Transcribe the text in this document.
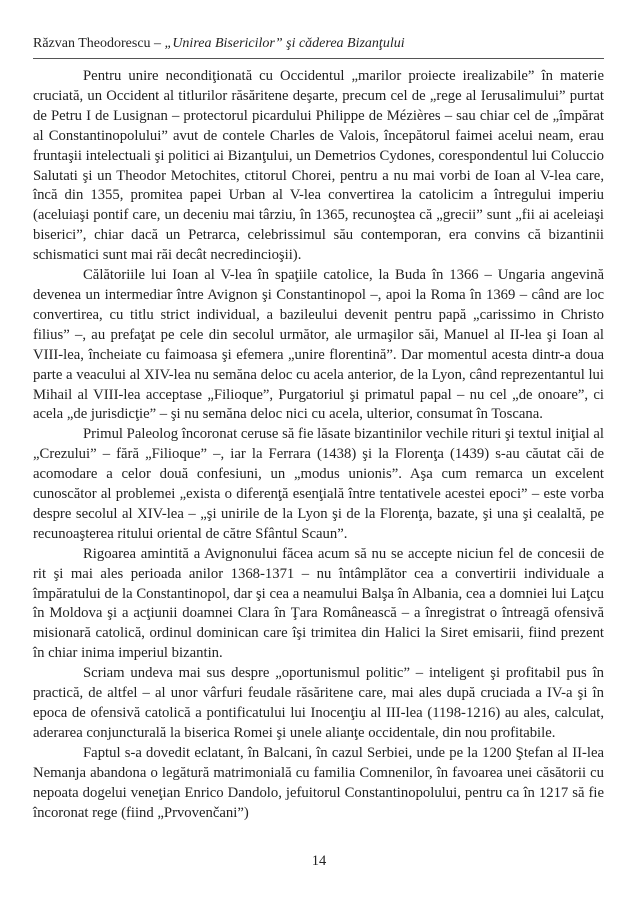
Răzvan Theodorescu – „Unirea Bisericilor” şi căderea Bizanţului

Pentru unire necondiţionată cu Occidentul „marilor proiecte irealizabile” în materie cruciată, un Occident al titlurilor răsăritene deşarte, precum cel de „rege al Ierusalimului” purtat de Petru I de Lusignan – protectorul picardului Philippe de Mézières – sau chiar cel de „împărat al Constantinopolului” avut de contele Charles de Valois, începătorul faimei acelui neam, erau fruntaşii intelectuali şi politici ai Bizanţului, un Demetrios Cydones, corespondentul lui Coluccio Salutati şi un Theodor Metochites, ctitorul Chorei, pentru a nu mai vorbi de Ioan al V-lea care, încă din 1355, promitea papei Urban al V-lea convertirea la catolicim a întregului imperiu (aceluiaşi pontif care, un deceniu mai târziu, în 1365, recunoştea că „grecii” sunt „fii ai aceleiaşi biserici”, chiar dacă un Petrarca, celebrissimul său contemporan, era convins că bizantinii schismatici sunt mai răi decât necredincioşii).

Călătoriile lui Ioan al V-lea în spaţiile catolice, la Buda în 1366 – Ungaria angevină devenea un intermediar între Avignon şi Constantinopol –, apoi la Roma în 1369 – când are loc convertirea, cu titlu strict individual, a bazileului devenit pentru papă „carissimo in Christo filius” –, au prefaţat pe cele din secolul următor, ale urmaşilor săi, Manuel al II-lea şi Ioan al VIII-lea, încheiate cu faimoasa şi efemera „unire florentină”. Dar momentul acesta dintr-a doua parte a veacului al XIV-lea nu semăna deloc cu acela anterior, de la Lyon, când reprezentantul lui Mihail al VIII-lea acceptase „Filioque”, Purgatoriul şi primatul papal – nu cel „de onoare”, ci acela „de jurisdicţie” – şi nu semăna deloc nici cu acela, ulterior, consumat în Toscana.

Primul Paleolog încoronat ceruse să fie lăsate bizantinilor vechile rituri şi textul iniţial al „Crezului” – fără „Filioque” –, iar la Ferrara (1438) şi la Florenţa (1439) s-au căutat căi de acomodare a celor două confesiuni, un „modus unionis”. Aşa cum remarca un excelent cunoscător al problemei „exista o diferenţă esenţială între tentativele acestei epoci” – este vorba despre secolul al XIV-lea – „şi unirile de la Lyon şi de la Florenţa, bazate, şi una şi cealaltă, pe recunoaşterea ritului oriental de către Sfântul Scaun”.

Rigoarea amintită a Avignonului făcea acum să nu se accepte niciun fel de concesii de rit şi mai ales perioada anilor 1368-1371 – nu întâmplător cea a convertirii individuale a împăratului de la Constantinopol, dar şi cea a neamului Balşa în Albania, cea a domniei lui Laţcu în Moldova şi a acţiunii doamnei Clara în Ţara Românească – a înregistrat o întreagă ofensivă misionară catolică, ordinul dominican care îşi trimitea din Halici la Siret emisarii, fiind prezent în chiar inima imperiul bizantin.

Scriam undeva mai sus despre „oportunismul politic” – inteligent şi profitabil pus în practică, de altfel – al unor vârfuri feudale răsăritene care, mai ales după cruciada a IV-a şi în epoca de ofensivă catolică a pontificatului lui Inocenţiu al III-lea (1198-1216) au ales, calculat, aderarea conjuncturală la biserica Romei şi unele alianţe occidentale, din nou profitabile.

Faptul s-a dovedit eclatant, în Balcani, în cazul Serbiei, unde pe la 1200 Ştefan al II-lea Nemanja abandona o legătură matrimonială cu familia Comnenilor, în favoarea unei căsătorii cu nepoata dogelui veneţian Enrico Dandolo, jefuitorul Constantinopolului, pentru ca în 1217 să fie încoronat rege (fiind „Prvovenčani”)

14
